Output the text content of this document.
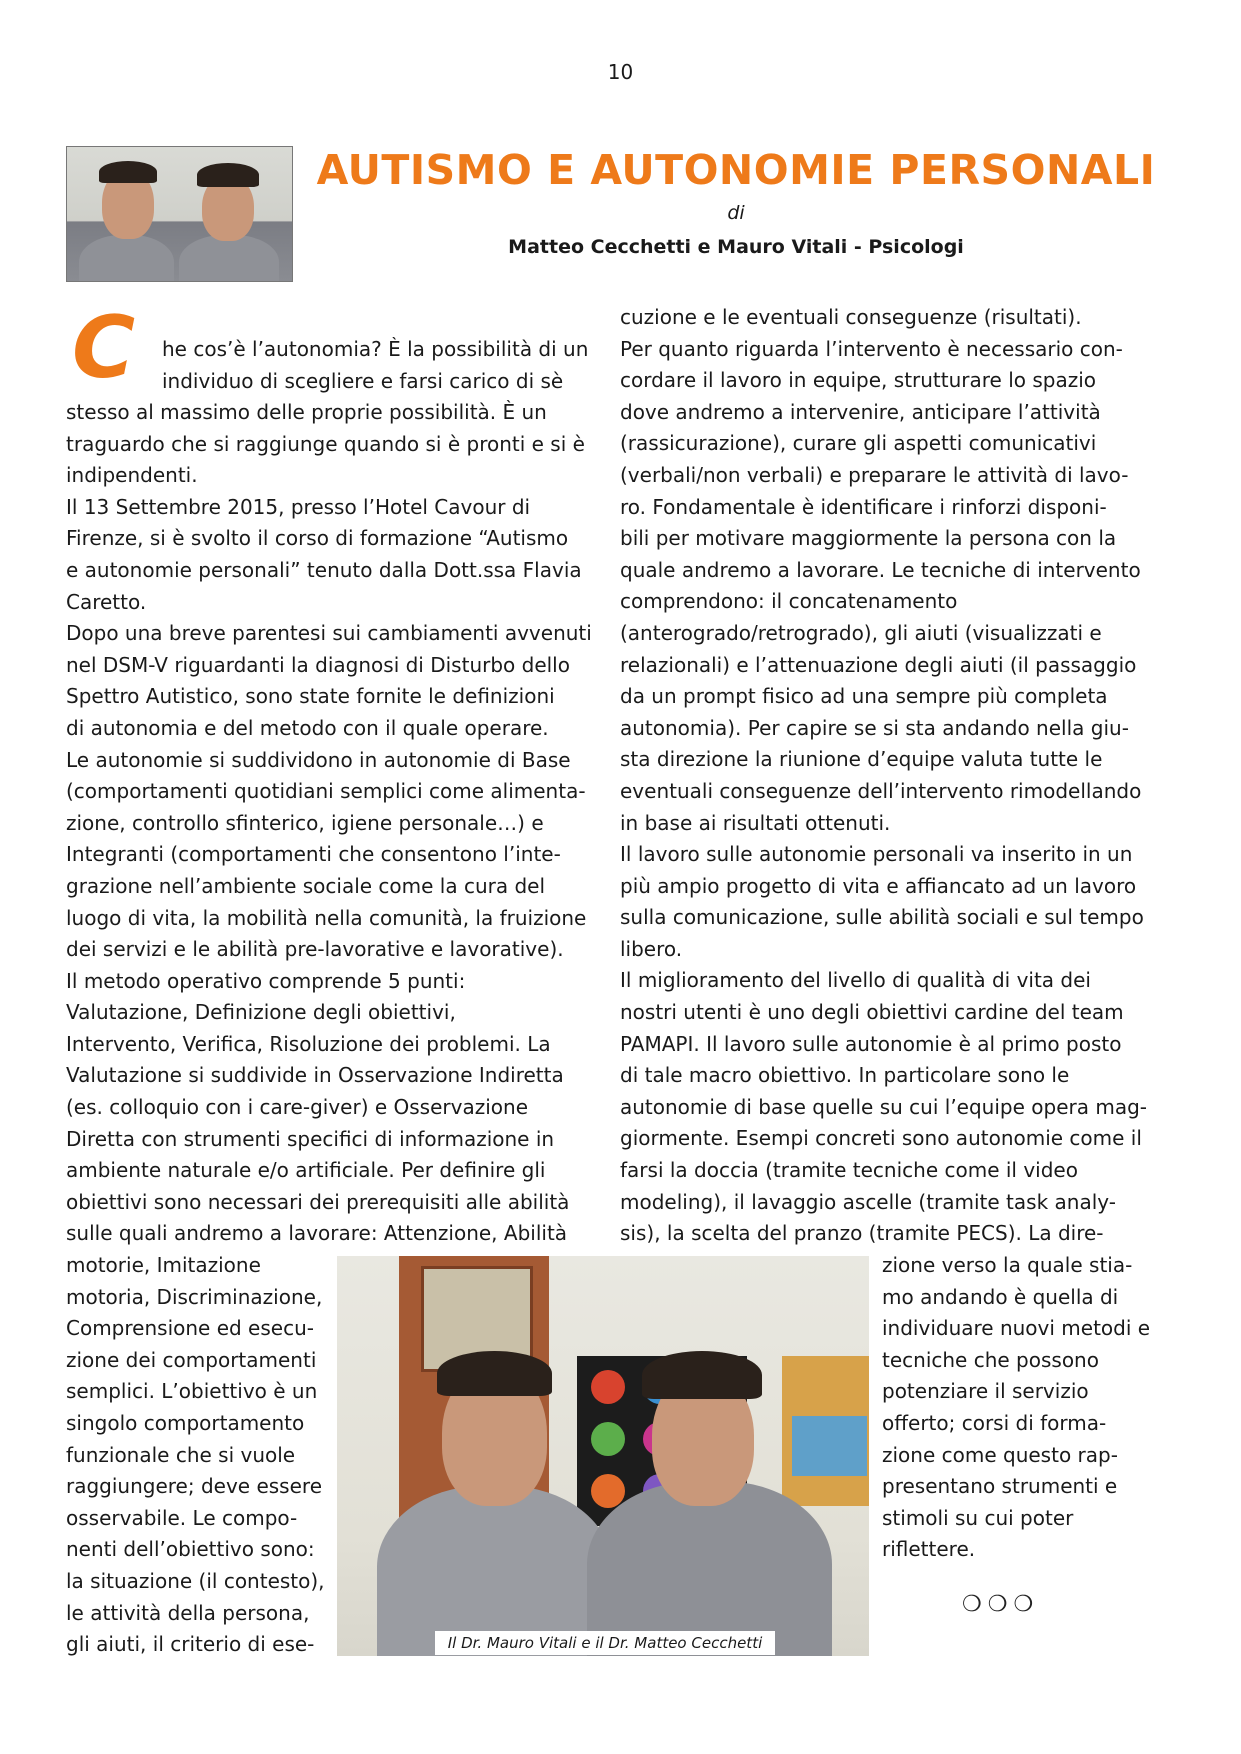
10
AUTISMO E AUTONOMIE PERSONALI
di
Matteo Cecchetti e Mauro Vitali - Psicologi
C he cos’è l’autonomia? È la possibilità di un

individuo di scegliere e farsi carico di sè

stesso al massimo delle proprie possibilità. È un

traguardo che si raggiunge quando si è pronti e si è

indipendenti.

Il 13 Settembre 2015, presso l’Hotel Cavour di

Firenze, si è svolto il corso di formazione “Autismo

e autonomie personali” tenuto dalla Dott.ssa Flavia

Caretto.

Dopo una breve parentesi sui cambiamenti avvenuti

nel DSM-V riguardanti la diagnosi di Disturbo dello

Spettro Autistico, sono state fornite le definizioni

di autonomia e del metodo con il quale operare.

Le autonomie si suddividono in autonomie di Base

(comportamenti quotidiani semplici come alimenta-

zione, controllo sfinterico, igiene personale…) e

Integranti (comportamenti che consentono l’inte-

grazione nell’ambiente sociale come la cura del

luogo di vita, la mobilità nella comunità, la fruizione

dei servizi e le abilità pre-lavorative e lavorative).

Il metodo operativo comprende 5 punti:

Valutazione, Definizione degli obiettivi,

Intervento, Verifica, Risoluzione dei problemi. La

Valutazione si suddivide in Osservazione Indiretta

(es. colloquio con i care-giver) e Osservazione

Diretta con strumenti specifici di informazione in

ambiente naturale e/o artificiale. Per definire gli

obiettivi sono necessari dei prerequisiti alle abilità

sulle quali andremo a lavorare: Attenzione, Abilità

motorie, Imitazione

motoria, Discriminazione,

Comprensione ed esecu-

zione dei comportamenti

semplici. L’obiettivo è un

singolo comportamento

funzionale che si vuole

raggiungere; deve essere

osservabile. Le compo-

nenti dell’obiettivo sono:

la situazione (il contesto),

le attività della persona,

gli aiuti, il criterio di ese-

cuzione e le eventuali conseguenze (risultati).

Per quanto riguarda l’intervento è necessario con-

cordare il lavoro in equipe, strutturare lo spazio

dove andremo a intervenire, anticipare l’attività

(rassicurazione), curare gli aspetti comunicativi

(verbali/non verbali) e preparare le attività di lavo-

ro. Fondamentale è identificare i rinforzi disponi-

bili per motivare maggiormente la persona con la

quale andremo a lavorare. Le tecniche di intervento

comprendono: il concatenamento

(anterogrado/retrogrado), gli aiuti (visualizzati e

relazionali) e l’attenuazione degli aiuti (il passaggio

da un prompt fisico ad una sempre più completa

autonomia). Per capire se si sta andando nella giu-

sta direzione la riunione d’equipe valuta tutte le

eventuali conseguenze dell’intervento rimodellando

in base ai risultati ottenuti.

Il lavoro sulle autonomie personali va inserito in un

più ampio progetto di vita e affiancato ad un lavoro

sulla comunicazione, sulle abilità sociali e sul tempo

libero.

Il miglioramento del livello di qualità di vita dei

nostri utenti è uno degli obiettivi cardine del team

PAMAPI. Il lavoro sulle autonomie è al primo posto

di tale macro obiettivo. In particolare sono le

autonomie di base quelle su cui l’equipe opera mag-

giormente. Esempi concreti sono autonomie come il

farsi la doccia (tramite tecniche come il video

modeling), il lavaggio ascelle (tramite task analy-

sis), la scelta del pranzo (tramite PECS). La dire-

zione verso la quale stia-

mo andando è quella di

individuare nuovi metodi e

tecniche che possono

potenziare il servizio

offerto; corsi di forma-

zione come questo rap-

presentano strumenti e

stimoli su cui poter

riflettere.

Il Dr. Mauro Vitali e il Dr. Matteo Cecchetti
❍❍❍
